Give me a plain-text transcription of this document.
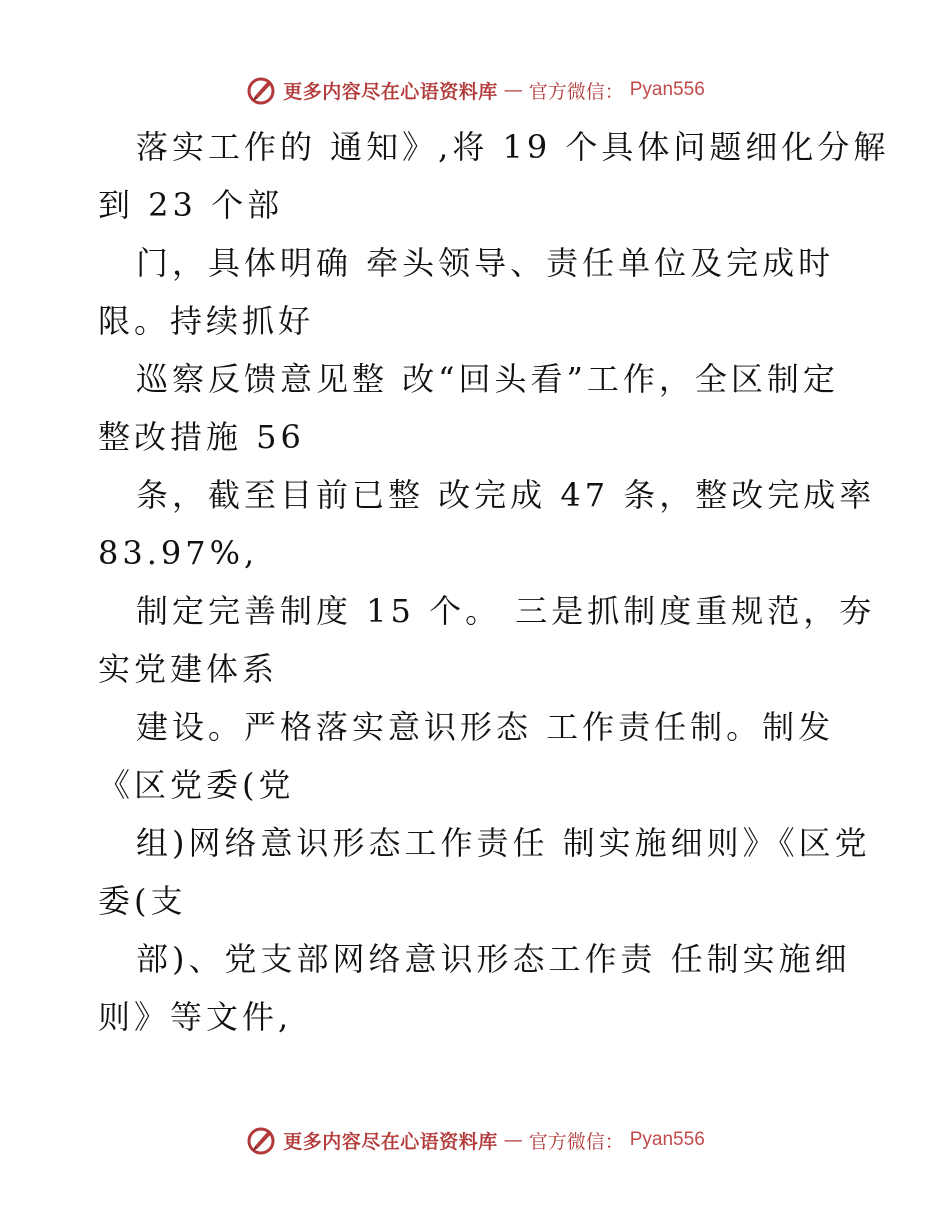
更多内容尽在心语资料库 — 官方微信： Pyan556
落实工作的 通知》,将 19 个具体问题细化分解
到 23 个部
门，具体明确 牵头领导、责任单位及完成时
限。持续抓好
巡察反馈意见整 改“回头看”工作，全区制定
整改措施 56
条，截至目前已整 改完成 47 条，整改完成率
83.97%,
制定完善制度 15 个。 三是抓制度重规范，夯
实党建体系
建设。严格落实意识形态 工作责任制。制发
《区党委(党
组)网络意识形态工作责任 制实施细则》《区党
委(支
部)、党支部网络意识形态工作责 任制实施细
则》等文件,
更多内容尽在心语资料库 — 官方微信： Pyan556
